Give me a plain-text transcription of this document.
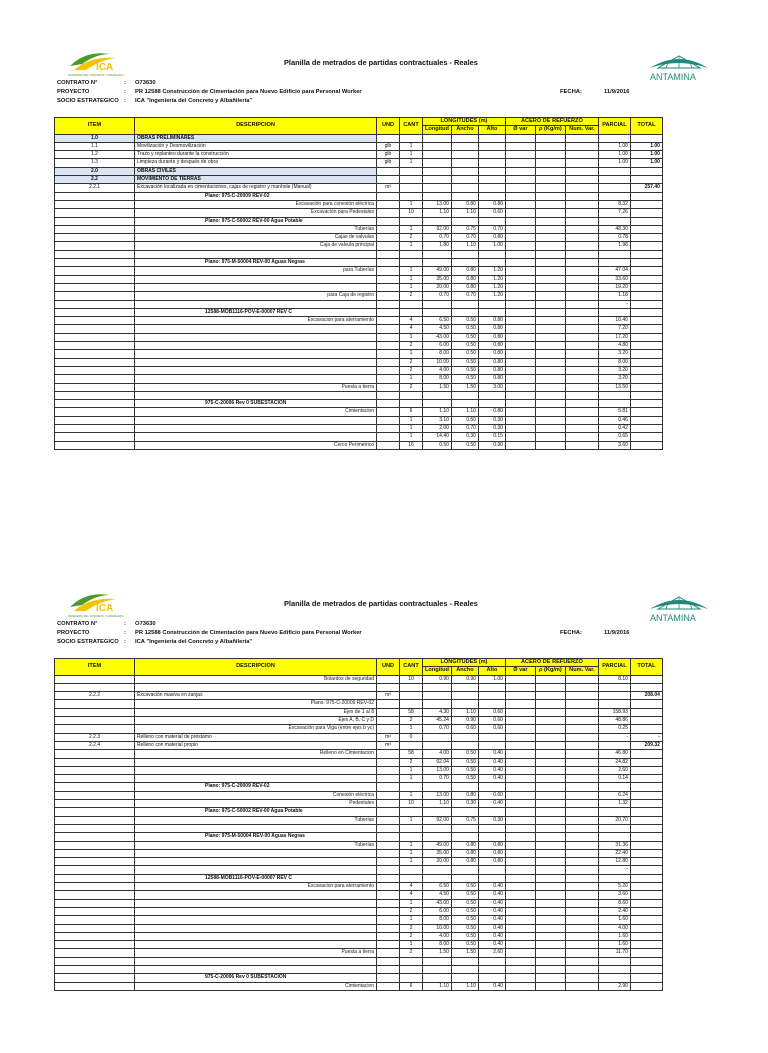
ICA
INGENIERIA DEL CONCRETO Y ALBAÑILERIA	ANTAMINA
Planilla de metrados de partidas contractuales - Reales
CONTRATO N°	: O73630
PROYECTO	: PR 12588 Construcción de Cimentación para Nuevo Edificio para Personal Worker
SOCIO ESTRATEGICO : ICA "Ingeniería del Concreto y Albañilería"
FECHA:	11/9/2016
ITEM	DESCRIPCION	UND	CANT	LONGITUDES (m)			ACERO DE REFUERZO			PARCIAL	TOTAL
				Longitud	Ancho	Alto	Ø var	ρ (Kg/m)	Num. Var.		
1.0	OBRAS PRELIMINARES										
1.1	Movilización y Desmovilización	glb	1							1.00	1.00
1.2	Trazo y replanteo durante la construcción	glb	1							1.00	1.00
1.3	Limpieza durante y después de obra	glb	1							1.00	1.00
2.0	OBRAS CIVILES										
2.2	MOVIMIENTO DE TIERRAS										
2.2.1	Excavación localizada en cimentaciones, cajas de registro y manhole (Manual)	m³									257.40
	Plano: 975-C-20009 REV-02										
	Excavación para conexión eléctrica		1	13.00	0.80	0.80				8.32	
	Excavación para Pedestales		10	1.10	1.10	0.60				7.26	
	Plano: 975-C-50002 REV-00 Agua Potable										
	Tuberías		1	92.00	0.75	0.70				48.30	
	Cajas de valvulas		2	0.70	0.70	0.80				0.78	
	Caja de valvula principal		1	1.80	1.10	1.00				1.98	

	Plano: 975-M-50004 REV-00 Aguas Negras										
	para Tuberías		1	49.00	0.80	1.20				47.04	
			1	35.00	0.80	1.20				33.60	
			1	20.00	0.80	1.20				19.20	
	para Caja de registro		2	0.70	0.70	1.20				1.18	
										-	
	12588-MOB1116-POV-E-00007 REV C										
	Excavacion para aterramiento		4	6.50	0.50	0.80				10.40	
			4	4.50	0.50	0.80				7.20	
			1	43.00	0.50	0.80				17.20	
			2	6.00	0.50	0.80				4.80	
			1	8.00	0.50	0.80				3.20	
			2	10.00	0.50	0.80				8.00	
			2	4.00	0.50	0.80				3.20	
			1	8.00	0.50	0.80				3.20	
	Puesta a tierra		2	1.50	1.50	3.00				13.50	

	975-C-20006 Rev 0 SUBESTACION										
	Cimientacion		6	1.10	1.10	0.80				5.81	
			1	3.10	0.50	0.30				0.46	
			1	2.00	0.70	0.30				0.42	
			1	14.40	0.30	0.15				0.65	
	Cerco Perimetrico		16	0.50	0.50	0.90				3.60	
ICA
INGENIERIA DEL CONCRETO Y ALBAÑILERIA	ANTAMINA
Planilla de metrados de partidas contractuales - Reales
CONTRATO N°	: O73630
PROYECTO	: PR 12588 Construcción de Cimentación para Nuevo Edificio para Personal Worker
SOCIO ESTRATEGICO : ICA "Ingeniería del Concreto y Albañilería"
FECHA:	11/9/2016
ITEM	DESCRIPCION	UND	CANT	LONGITUDES (m)			ACERO DE REFUERZO			PARCIAL	TOTAL
				Longitud	Ancho	Alto	Ø var	ρ (Kg/m)	Num. Var.		
	Bolardos de seguridad		10	0.90	0.90	1.00				8.10	

2.2.2	Excavación masiva en zanjas	m³									208.04
	Plano: 975-C-20009 REV-02										
	Ejes de 1 al 8		58	4.30	1.10	0.60				158.93	
	Ejes A, B, C y D		2	45.24	0.90	0.60				48.86	
	Excavación para Viga (entre ejes b yc)		1	0.70	0.60	0.60				0.25	
2.2.3	Relleno con material de préstamo	m³	0							-	-
2.2.4	Relleno con material propio	m³									209.32
	Relleno en Cimientacion		58	4.00	0.50	0.40				46.80	
			2	62.04	0.50	0.40				24.82	
			1	13.00	0.50	0.40				2.60	
			1	0.70	0.50	0.40				0.14	
	Plano: 975-C-20009 REV-02										
	Conexión eléctrica		1	13.00	0.80	0.60				6.24	
	Pedestales		10	1.10	0.30	0.40				1.32	
	Plano: 975-C-50002 REV-00 Agua Potable										
	Tuberías		1	92.00	0.75	0.30				20.70	

	Plano: 975-M-50004 REV-00 Aguas Negras										
	Tuberías		1	49.00	0.80	0.80				31.36	
			1	35.00	0.80	0.80				22.40	
			1	20.00	0.80	0.80				12.80	
										-	
	12588-MOB1116-POV-E-00007 REV C										
	Excavacion para aterramiento		4	6.50	0.50	0.40				5.20	
			4	4.50	0.50	0.40				3.60	
			1	43.00	0.50	0.40				8.60	
			2	6.00	0.50	0.40				2.40	
			1	8.00	0.50	0.40				1.60	
			2	10.00	0.50	0.40				4.00	
			2	4.00	0.50	0.40				1.60	
			1	8.00	0.50	0.40				1.60	
	Puesta a tierra		2	1.50	1.50	2.60				11.70	

	975-C-20006 Rev 0 SUBESTACION										
	Cimientacion		6	1.10	1.10	0.40				2.90	
